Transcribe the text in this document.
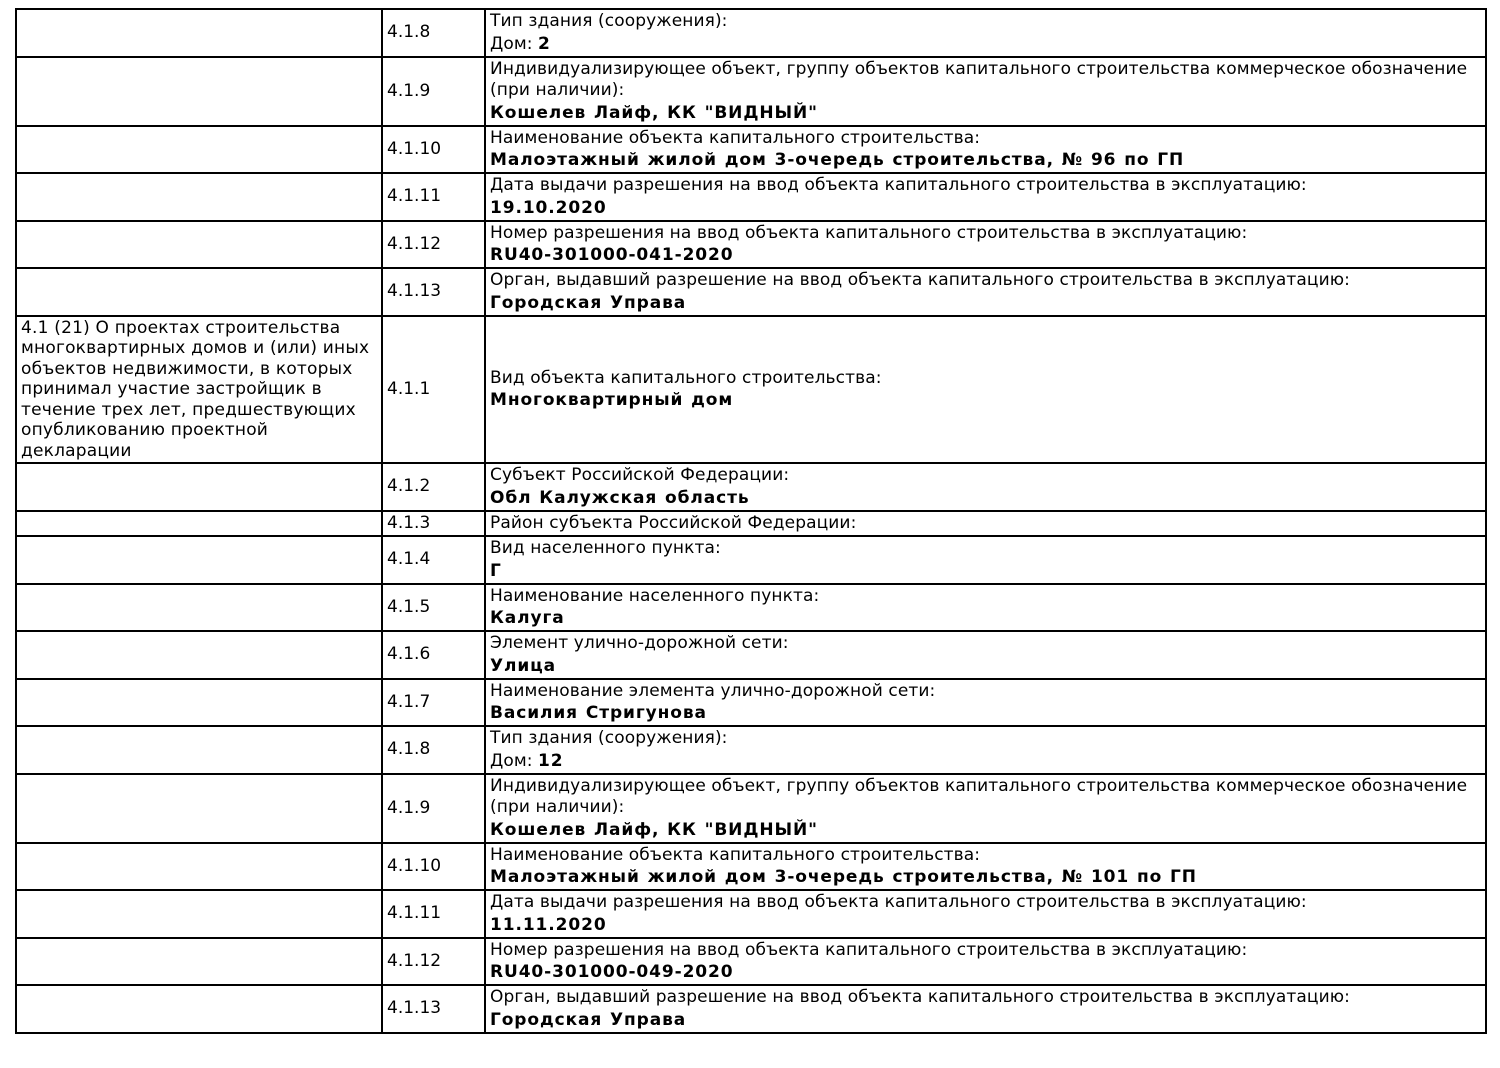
	4.1.8	Тип здания (сооружения):
Дом: 2

	4.1.9	Индивидуализирующее объект, группу объектов капитального строительства коммерческое обозначение (при наличии):
Кошелев Лайф, КК "ВИДНЫЙ"

	4.1.10	Наименование объекта капитального строительства:
Малоэтажный жилой дом 3-очередь строительства, № 96 по ГП

	4.1.11	Дата выдачи разрешения на ввод объекта капитального строительства в эксплуатацию:
19.10.2020

	4.1.12	Номер разрешения на ввод объекта капитального строительства в эксплуатацию:
RU40-301000-041-2020

	4.1.13	Орган, выдавший разрешение на ввод объекта капитального строительства в эксплуатацию:
Городская Управа

4.1 (21) О проектах строительства многоквартирных домов и (или) иных объектов недвижимости, в которых принимал участие застройщик в течение трех лет, предшествующих опубликованию проектной декларации	4.1.1	Вид объекта капитального строительства:
Многоквартирный дом

	4.1.2	Субъект Российской Федерации:
Обл Калужская область

	4.1.3	Район субъекта Российской Федерации:

	4.1.4	Вид населенного пункта:
Г

	4.1.5	Наименование населенного пункта:
Калуга

	4.1.6	Элемент улично-дорожной сети:
Улица

	4.1.7	Наименование элемента улично-дорожной сети:
Василия Стригунова

	4.1.8	Тип здания (сооружения):
Дом: 12

	4.1.9	Индивидуализирующее объект, группу объектов капитального строительства коммерческое обозначение (при наличии):
Кошелев Лайф, КК "ВИДНЫЙ"

	4.1.10	Наименование объекта капитального строительства:
Малоэтажный жилой дом 3-очередь строительства, № 101 по ГП

	4.1.11	Дата выдачи разрешения на ввод объекта капитального строительства в эксплуатацию:
11.11.2020

	4.1.12	Номер разрешения на ввод объекта капитального строительства в эксплуатацию:
RU40-301000-049-2020

	4.1.13	Орган, выдавший разрешение на ввод объекта капитального строительства в эксплуатацию:
Городская Управа
